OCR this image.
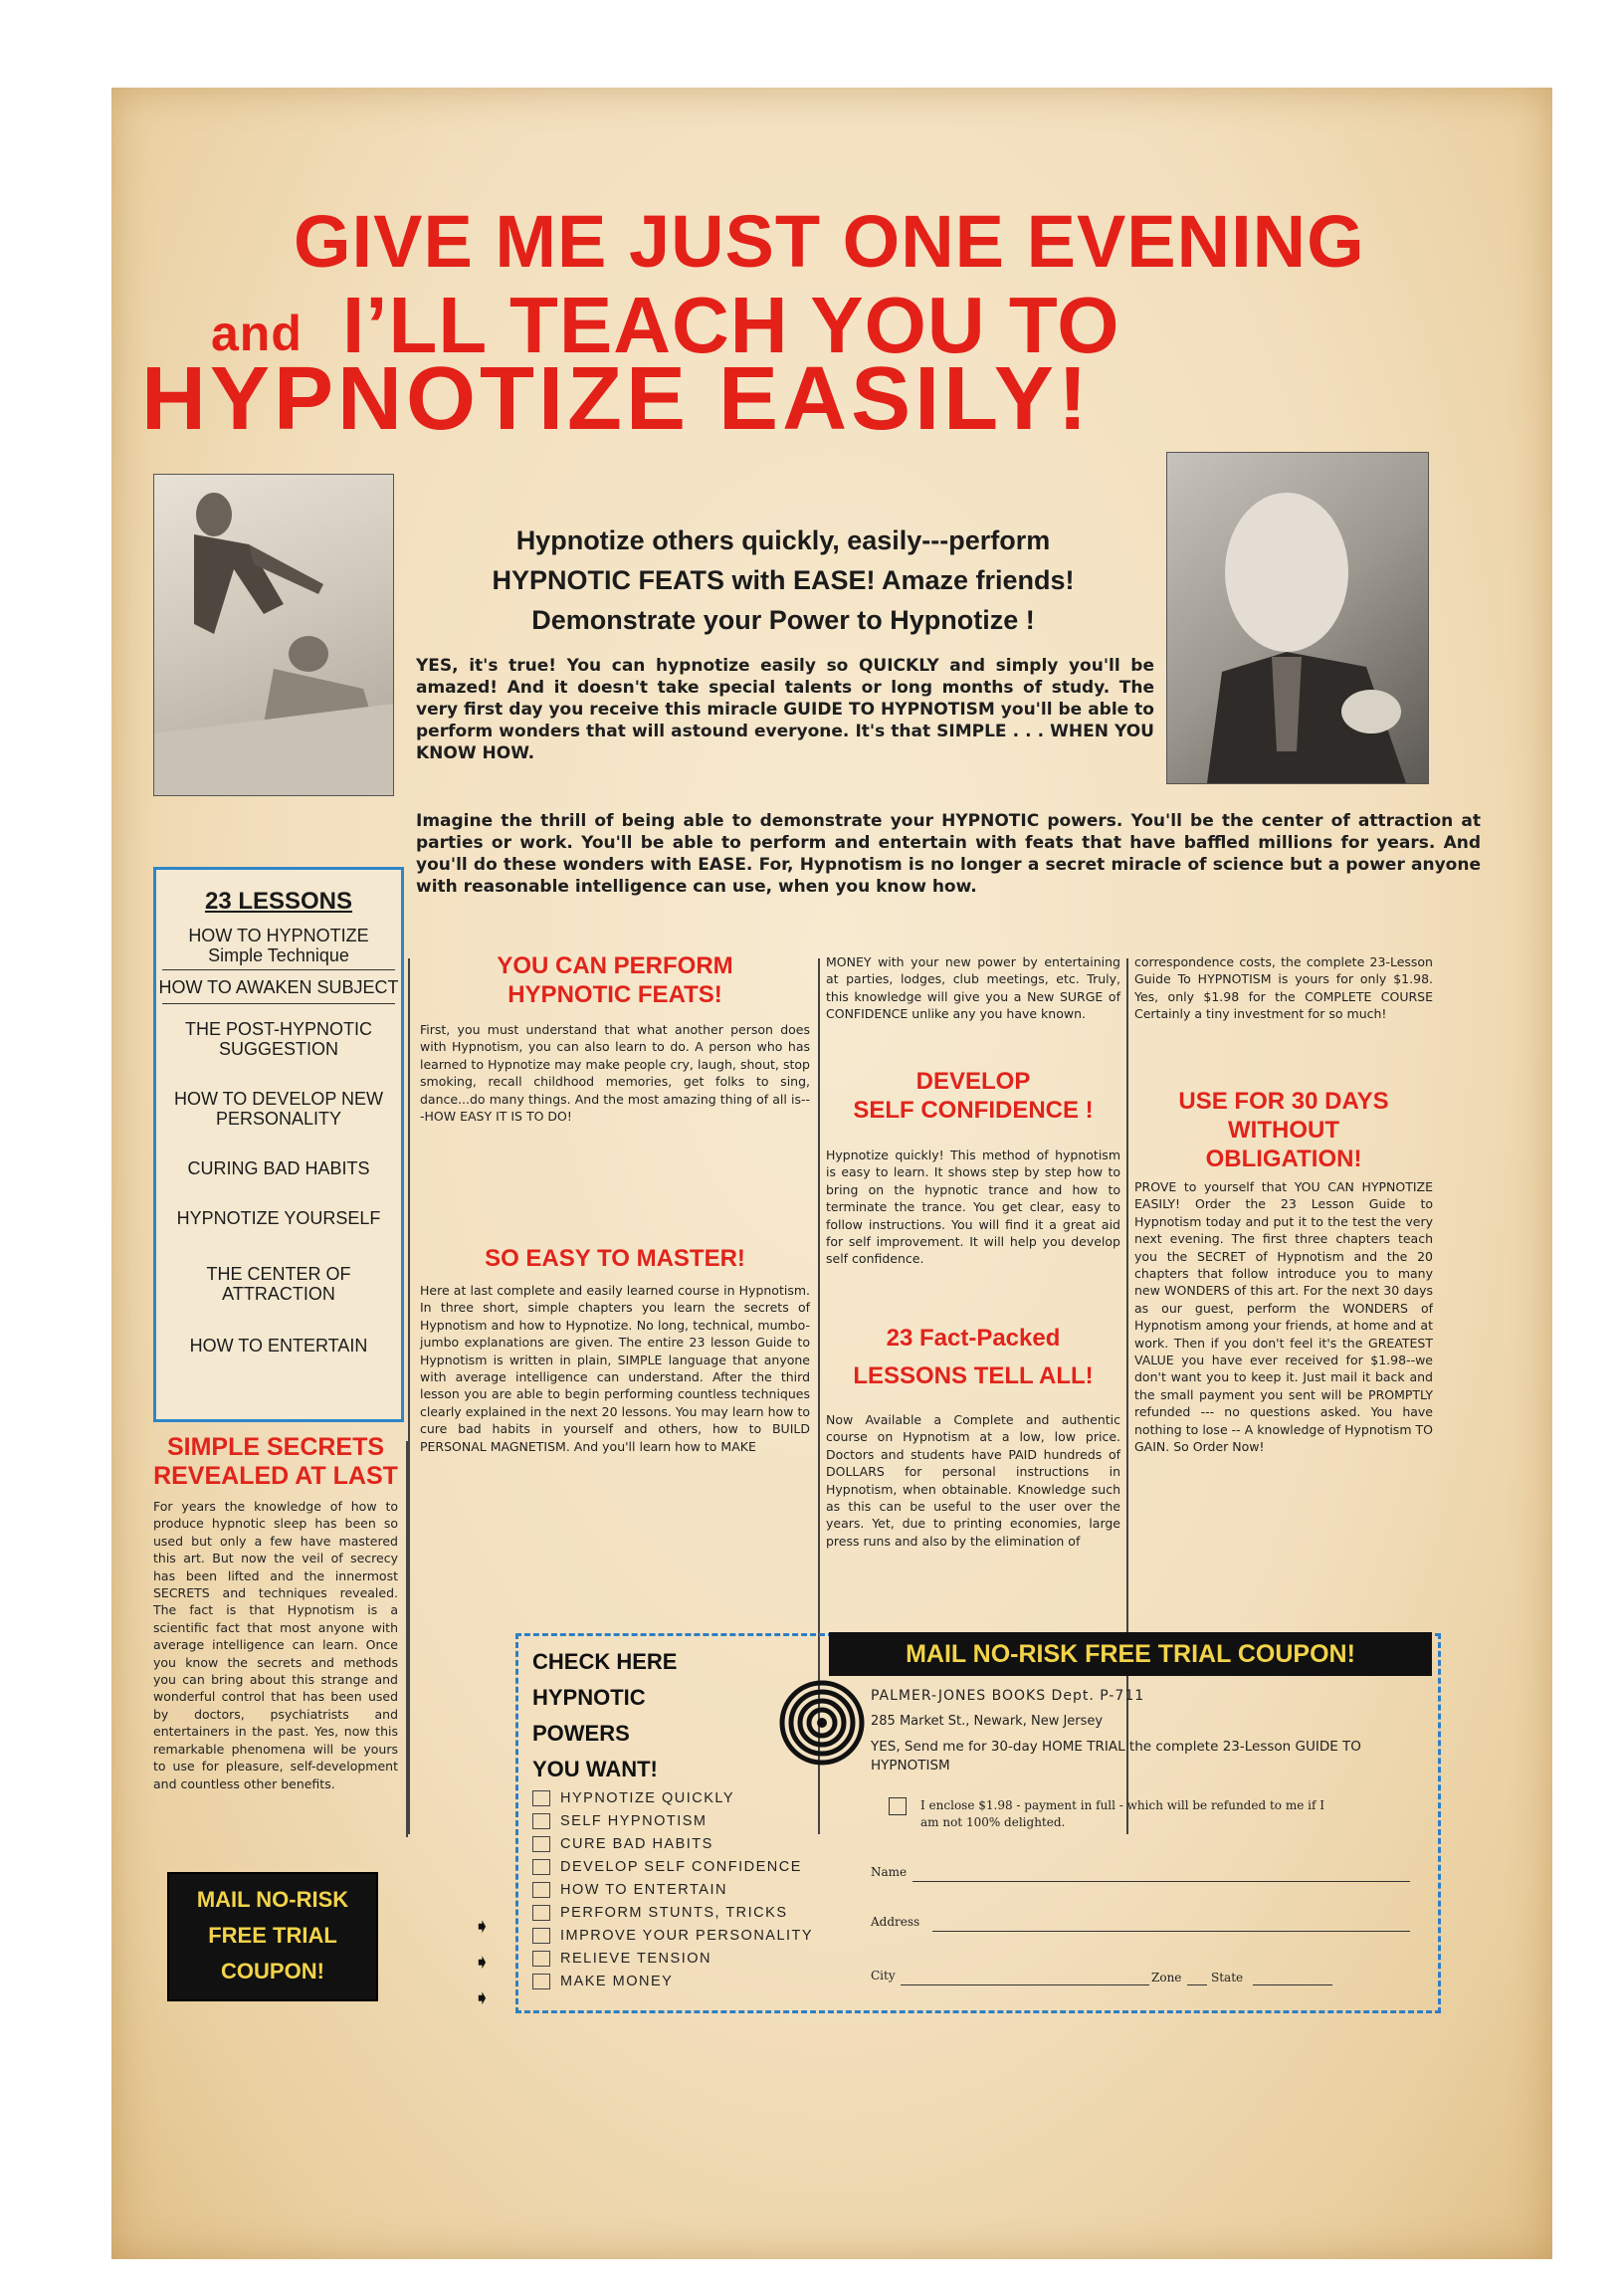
GIVE ME JUST ONE EVENING
and I’LL TEACH YOU TO
HYPNOTIZE EASILY!
Hypnotize others quickly, easily---perform
HYPNOTIC FEATS with EASE! Amaze friends!
Demonstrate your Power to Hypnotize !
YES, it's true! You can hypnotize easily so QUICKLY and simply you'll be amazed! And it doesn't take special talents or long months of study. The very first day you receive this miracle GUIDE TO HYPNOTISM you'll be able to perform wonders that will astound everyone. It's that SIMPLE . . . WHEN YOU KNOW HOW.
Imagine the thrill of being able to demonstrate your HYPNOTIC powers. You'll be the center of attraction at parties or work. You'll be able to perform and entertain with feats that have baffled millions for years. And you'll do these wonders with EASE. For, Hypnotism is no longer a secret miracle of science but a power anyone with reasonable intelligence can use, when you know how.
23 LESSONS
HOW TO HYPNOTIZE
Simple Technique
HOW TO AWAKEN SUBJECT
THE POST-HYPNOTIC
SUGGESTION
HOW TO DEVELOP NEW
PERSONALITY
CURING BAD HABITS
HYPNOTIZE YOURSELF
THE CENTER OF
ATTRACTION
HOW TO ENTERTAIN
SIMPLE SECRETS
REVEALED AT LAST
For years the knowledge of how to produce hypnotic sleep has been so used but only a few have mastered this art. But now the veil of secrecy has been lifted and the innermost SECRETS and techniques revealed. The fact is that Hypnotism is a scientific fact that most anyone with average intelligence can learn. Once you know the secrets and methods you can bring about this strange and wonderful control that has been used by doctors, psychiatrists and entertainers in the past. Yes, now this remarkable phenomena will be yours to use for pleasure, self-development and countless other benefits.
MAIL NO-RISK
FREE TRIAL
COUPON!
➧
➧
➧
YOU CAN PERFORM
HYPNOTIC FEATS!
First, you must understand that what another person does with Hypnotism, you can also learn to do. A person who has learned to Hypnotize may make people cry, laugh, shout, stop smoking, recall childhood memories, get folks to sing, dance...do many things. And the most amazing thing of all is---HOW EASY IT IS TO DO!
SO EASY TO MASTER!
Here at last complete and easily learned course in Hypnotism. In three short, simple chapters you learn the secrets of Hypnotism and how to Hypnotize. No long, technical, mumbo-jumbo explanations are given. The entire 23 lesson Guide to Hypnotism is written in plain, SIMPLE language that anyone with average intelligence can understand. After the third lesson you are able to begin performing countless techniques clearly explained in the next 20 lessons. You may learn how to cure bad habits in yourself and others, how to BUILD PERSONAL MAGNETISM. And you'll learn how to MAKE
MONEY with your new power by entertaining at parties, lodges, club meetings, etc. Truly, this knowledge will give you a New SURGE of CONFIDENCE unlike any you have known.
DEVELOP
SELF CONFIDENCE !
Hypnotize quickly! This method of hypnotism is easy to learn. It shows step by step how to bring on the hypnotic trance and how to terminate the trance. You get clear, easy to follow instructions. You will find it a great aid for self improvement. It will help you develop self confidence.
23 Fact-Packed
LESSONS TELL ALL!
Now Available a Complete and authentic course on Hypnotism at a low, low price. Doctors and students have PAID hundreds of DOLLARS for personal instructions in Hypnotism, when obtainable. Knowledge such as this can be useful to the user over the years. Yet, due to printing economies, large press runs and also by the elimination of
correspondence costs, the complete 23-Lesson Guide To HYPNOTISM is yours for only $1.98. Yes, only $1.98 for the COMPLETE COURSE Certainly a tiny investment for so much!
USE FOR 30 DAYS
WITHOUT
OBLIGATION!
PROVE to yourself that YOU CAN HYPNOTIZE EASILY! Order the 23 Lesson Guide to Hypnotism today and put it to the test the very next evening. The first three chapters teach you the SECRET of Hypnotism and the 20 chapters that follow introduce you to many new WONDERS of this art. For the next 30 days as our guest, perform the WONDERS of Hypnotism among your friends, at home and at work. Then if you don't feel it's the GREATEST VALUE you have ever received for $1.98--we don't want you to keep it. Just mail it back and the small payment you sent will be PROMPTLY refunded --- no questions asked. You have nothing to lose -- A knowledge of Hypnotism TO GAIN. So Order Now!
CHECK HERE HYPNOTIC
POWERS
YOU WANT!
HYPNOTIZE QUICKLY
SELF HYPNOTISM
CURE BAD HABITS
DEVELOP SELF CONFIDENCE
HOW TO ENTERTAIN
PERFORM STUNTS, TRICKS
IMPROVE YOUR PERSONALITY
RELIEVE TENSION
MAKE MONEY
MAIL NO-RISK FREE TRIAL COUPON!
PALMER-JONES BOOKS Dept. P-711
285 Market St., Newark, New Jersey
YES, Send me for 30-day HOME TRIAL the complete 23-Lesson GUIDE TO HYPNOTISM
I enclose $1.98 - payment in full - which will be refunded to me if I am not 100% delighted.
Name
Address
City	Zone State
